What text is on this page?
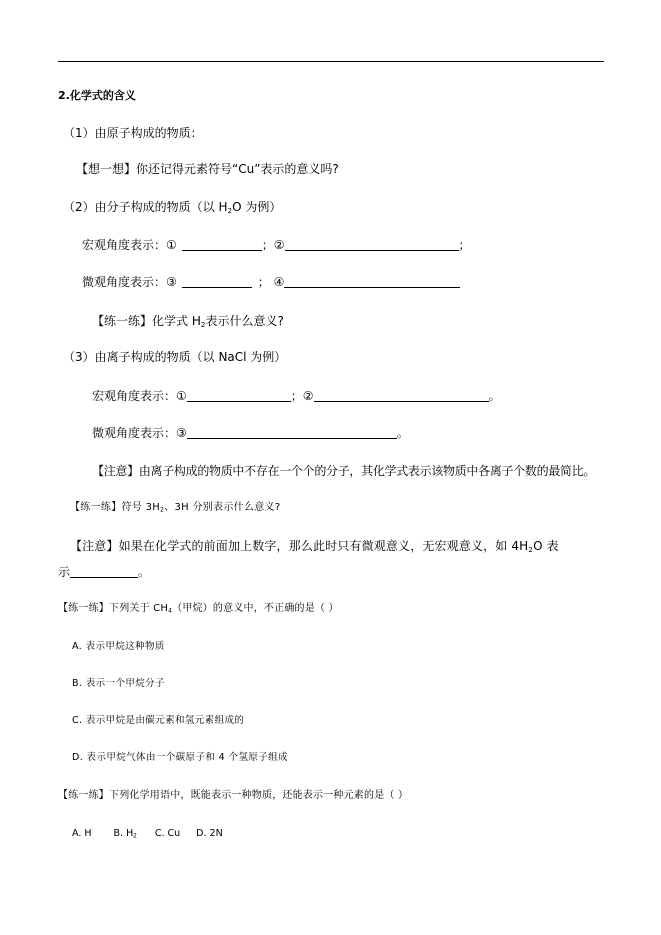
2.化学式的含义
（1）由原子构成的物质：
【想一想】你还记得元素符号“Cu”表示的意义吗?
（2）由分子构成的物质（以 $H_2O$ 为例）
宏观角度表示：①	；②	；
微观角度表示：③	； ④
【练一练】化学式 $H_2$表示什么意义?
（3）由离子构成的物质（以 NaCl 为例）
宏观角度表示：①	；②	。
微观角度表示：③	。
【注意】由离子构成的物质中不存在一个个的分子，其化学式表示该物质中各离子个数的最简比。
【练一练】符号 $3H_2$、3H 分别表示什么意义?
【注意】如果在化学式的前面加上数字，那么此时只有微观意义，无宏观意义，如 $4H_2O$ 表
示	。
【练一练】下列关于 $CH_4$（甲烷）的意义中，不正确的是（ ）
A. 表示甲烷这种物质
B. 表示一个甲烷分子
C. 表示甲烷是由碳元素和氢元素组成的
D. 表示甲烷气体由一个碳原子和 4 个氢原子组成
【练一练】下列化学用语中，既能表示一种物质，还能表示一种元素的是（ ）
A. H B. $H_2$ C. Cu D. 2N
